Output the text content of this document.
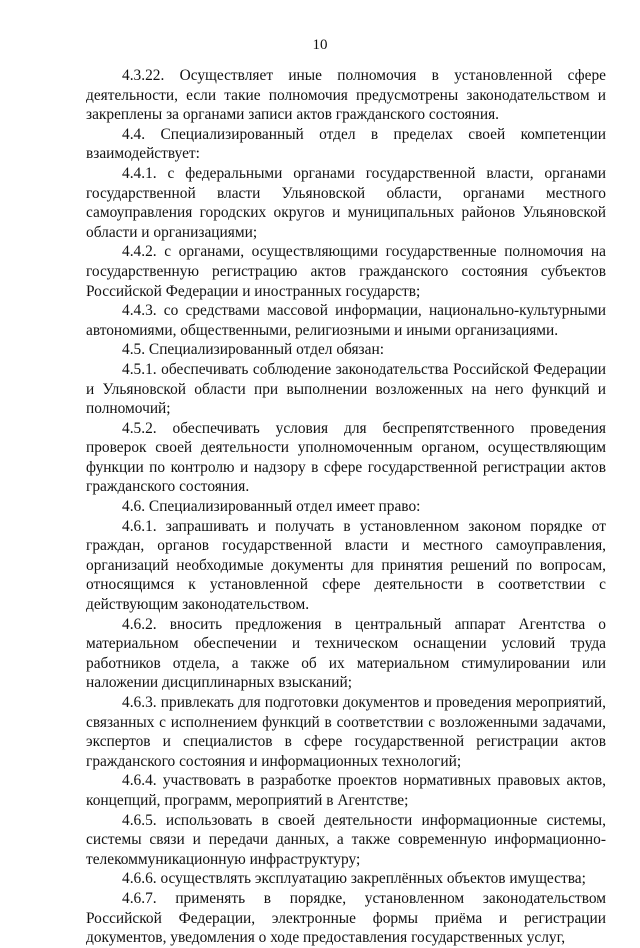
10

4.3.22. Осуществляет иные полномочия в установленной сфере деятельности, если такие полномочия предусмотрены законодательством и закреплены за органами записи актов гражданского состояния.

4.4. Специализированный отдел в пределах своей компетенции взаимодействует:

4.4.1. с федеральными органами государственной власти, органами государственной власти Ульяновской области, органами местного самоуправления городских округов и муниципальных районов Ульяновской области и организациями;

4.4.2. с органами, осуществляющими государственные полномочия на государственную регистрацию актов гражданского состояния субъектов Российской Федерации и иностранных государств;

4.4.3. со средствами массовой информации, национально-культурными автономиями, общественными, религиозными и иными организациями.

4.5. Специализированный отдел обязан:

4.5.1. обеспечивать соблюдение законодательства Российской Федерации и Ульяновской области при выполнении возложенных на него функций и полномочий;

4.5.2. обеспечивать условия для беспрепятственного проведения проверок своей деятельности уполномоченным органом, осуществляющим функции по контролю и надзору в сфере государственной регистрации актов гражданского состояния.

4.6. Специализированный отдел имеет право:

4.6.1. запрашивать и получать в установленном законом порядке от граждан, органов государственной власти и местного самоуправления, организаций необходимые документы для принятия решений по вопросам, относящимся к установленной сфере деятельности в соответствии с действующим законодательством.

4.6.2. вносить предложения в центральный аппарат Агентства о материальном обеспечении и техническом оснащении условий труда работников отдела, а также об их материальном стимулировании или наложении дисциплинарных взысканий;

4.6.3. привлекать для подготовки документов и проведения мероприятий, связанных с исполнением функций в соответствии с возложенными задачами, экспертов и специалистов в сфере государственной регистрации актов гражданского состояния и информационных технологий;

4.6.4. участвовать в разработке проектов нормативных правовых актов, концепций, программ, мероприятий в Агентстве;

4.6.5. использовать в своей деятельности информационные системы, системы связи и передачи данных, а также современную информационно-телекоммуникационную инфраструктуру;

4.6.6. осуществлять эксплуатацию закреплённых объектов имущества;

4.6.7. применять в порядке, установленном законодательством Российской Федерации, электронные формы приёма и регистрации документов, уведомления о ходе предоставления государственных услуг,
